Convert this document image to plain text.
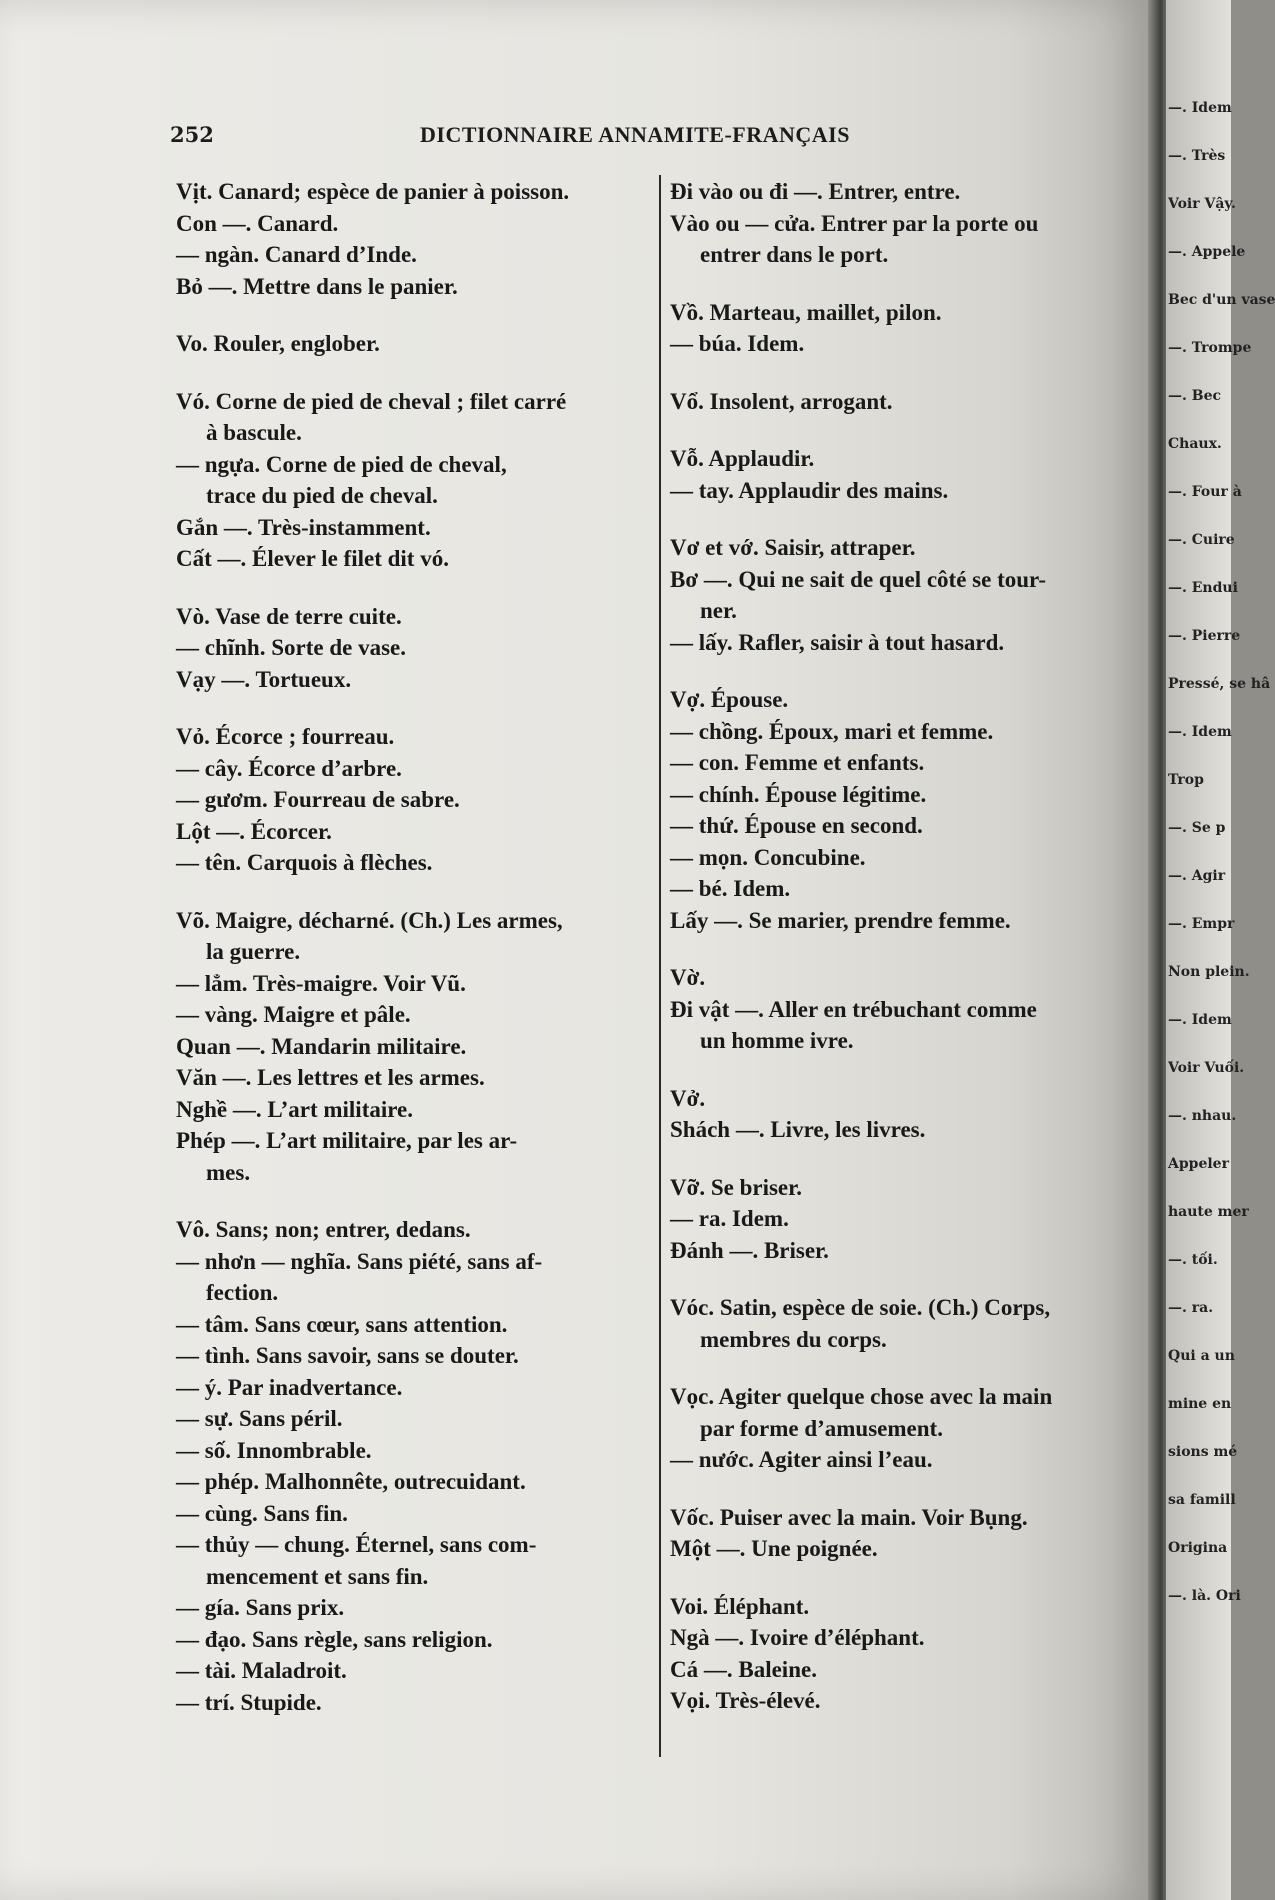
252	DICTIONNAIRE ANNAMITE-FRANÇAIS
Vịt. Canard; espèce de panier à poisson.
Con —. Canard.
— ngàn. Canard d’Inde.
Bỏ —. Mettre dans le panier.
Vo. Rouler, englober.
Vó. Corne de pied de cheval ; filet carré
à bascule.
— ngựa. Corne de pied de cheval,
trace du pied de cheval.
Gắn —. Très-instamment.
Cất —. Élever le filet dit vó.
Vò. Vase de terre cuite.
— chĩnh. Sorte de vase.
Vạy —. Tortueux.
Vỏ. Écorce ; fourreau.
— cây. Écorce d’arbre.
— gươm. Fourreau de sabre.
Lột —. Écorcer.
— tên. Carquois à flèches.
Võ. Maigre, décharné. (Ch.) Les armes,
la guerre.
— lẳm. Très-maigre. Voir Vũ.
— vàng. Maigre et pâle.
Quan —. Mandarin militaire.
Văn —. Les lettres et les armes.
Nghề —. L’art militaire.
Phép —. L’art militaire, par les ar-
mes.
Vô. Sans; non; entrer, dedans.
— nhơn — nghĩa. Sans piété, sans af-
fection.
— tâm. Sans cœur, sans attention.
— tình. Sans savoir, sans se douter.
— ý. Par inadvertance.
— sự. Sans péril.
— số. Innombrable.
— phép. Malhonnête, outrecuidant.
— cùng. Sans fin.
— thủy — chung. Éternel, sans com-
mencement et sans fin.
— gía. Sans prix.
— đạo. Sans règle, sans religion.
— tài. Maladroit.
— trí. Stupide.
Đi vào ou đi —. Entrer, entre.
Vào ou — cửa. Entrer par la porte ou
entrer dans le port.
Vồ. Marteau, maillet, pilon.
— búa. Idem.
Vổ. Insolent, arrogant.
Vỗ. Applaudir.
— tay. Applaudir des mains.
Vơ et vớ. Saisir, attraper.
Bơ —. Qui ne sait de quel côté se tour-
ner.
— lấy. Rafler, saisir à tout hasard.
Vợ. Épouse.
— chồng. Époux, mari et femme.
— con. Femme et enfants.
— chính. Épouse légitime.
— thứ. Épouse en second.
— mọn. Concubine.
— bé. Idem.
Lấy —. Se marier, prendre femme.
Vờ.
Đi vật —. Aller en trébuchant comme
un homme ivre.
Vở.
Shách —. Livre, les livres.
Vỡ. Se briser.
— ra. Idem.
Đánh —. Briser.
Vóc. Satin, espèce de soie. (Ch.) Corps,
membres du corps.
Vọc. Agiter quelque chose avec la main
par forme d’amusement.
— nước. Agiter ainsi l’eau.
Vốc. Puiser avec la main. Voir Bụng.
Một —. Une poignée.
Voi. Éléphant.
Ngà —. Ivoire d’éléphant.
Cá —. Baleine.
Vọi. Très-élevé.
—. Idem
—. Très
Voir Vậy.
—. Appele
Bec d'un vase
—. Trompe
—. Bec
Chaux.
—. Four à
—. Cuire
—. Endui
—. Pierre
Pressé, se hâ
—. Idem
Trop
—. Se p
—. Agir
—. Empr
Non plein.
—. Idem
Voir Vuối.
—. nhau.
Appeler
haute mer
—. tối.
—. ra.
Qui a un
mine en
sions mé
sa famill
Origina
—. là. Ori
